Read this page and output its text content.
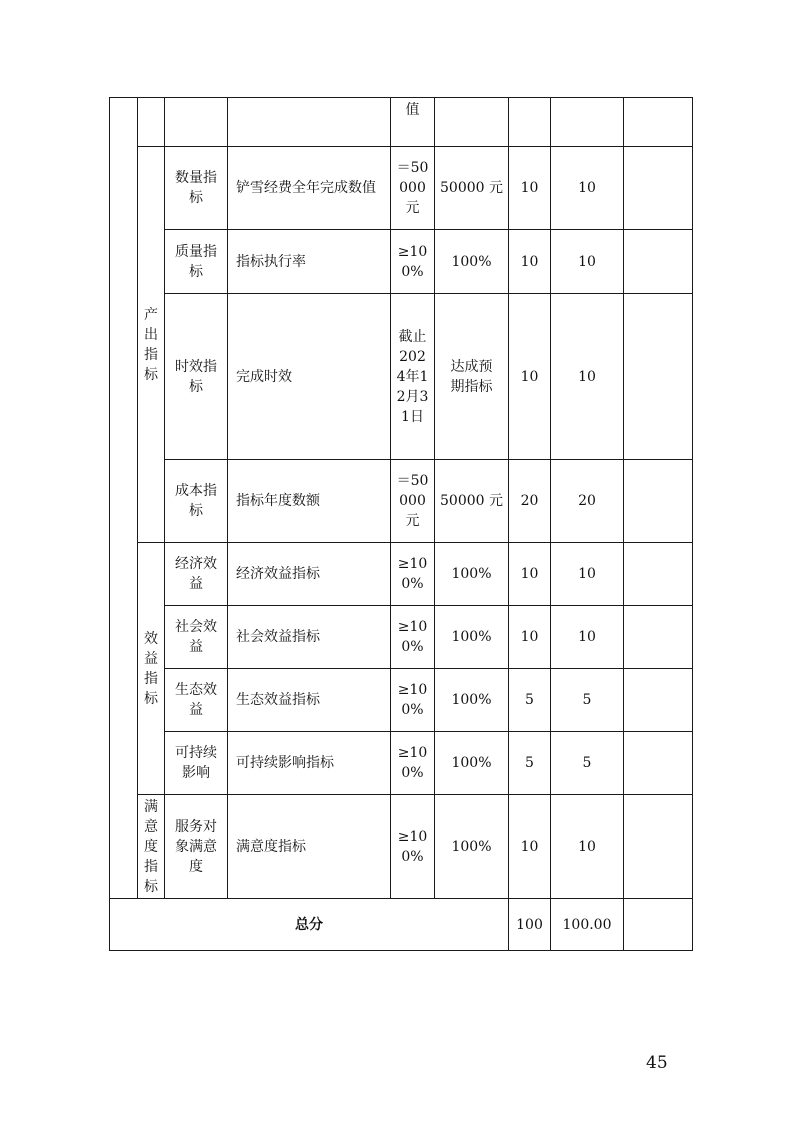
				值				
	产出指标	数量指标	铲雪经费全年完成数值	＝50000元	50000 元	10	10	
		质量指标	指标执行率	≥100%	100%	10	10	
		时效指标	完成时效	截止2024年12月31日	达成预期指标	10	10	
		成本指标	指标年度数额	＝50000元	50000 元	20	20	
	效益指标	经济效益	经济效益指标	≥100%	100%	10	10	
		社会效益	社会效益指标	≥100%	100%	10	10	
		生态效益	生态效益指标	≥100%	100%	5	5	
		可持续影响	可持续影响指标	≥100%	100%	5	5	
	满意度指标	服务对象满意度	满意度指标	≥100%	100%	10	10	
总分						100	100.00	
45
